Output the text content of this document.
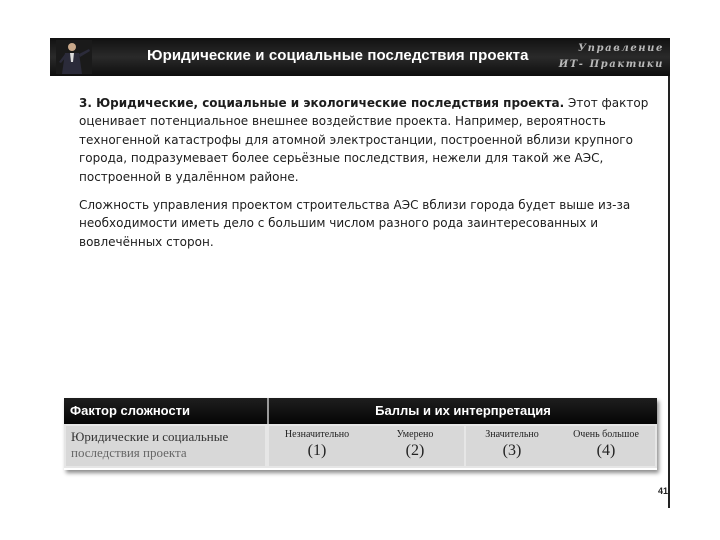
Юридические и социальные последствия проекта	Управление
ИТ- Практики

3. Юридические, социальные и экологические последствия проекта. Этот фактор оценивает потенциальное внешнее воздействие проекта. Например, вероятность техногенной катастрофы для атомной электростанции, построенной вблизи крупного города, подразумевает более серьёзные последствия, нежели для такой же АЭС, построенной в удалённом районе.

Сложность управления проектом строительства АЭС вблизи города будет выше из-за необходимости иметь дело с большим числом разного рода заинтересованных и вовлечённых сторон.

Фактор сложности	Баллы и их интерпретация
Юридические и социальные
последствия проекта
Незначительно
(1)
Умерено
(2)
Значительно
(3)
Очень большое
(4)
41
